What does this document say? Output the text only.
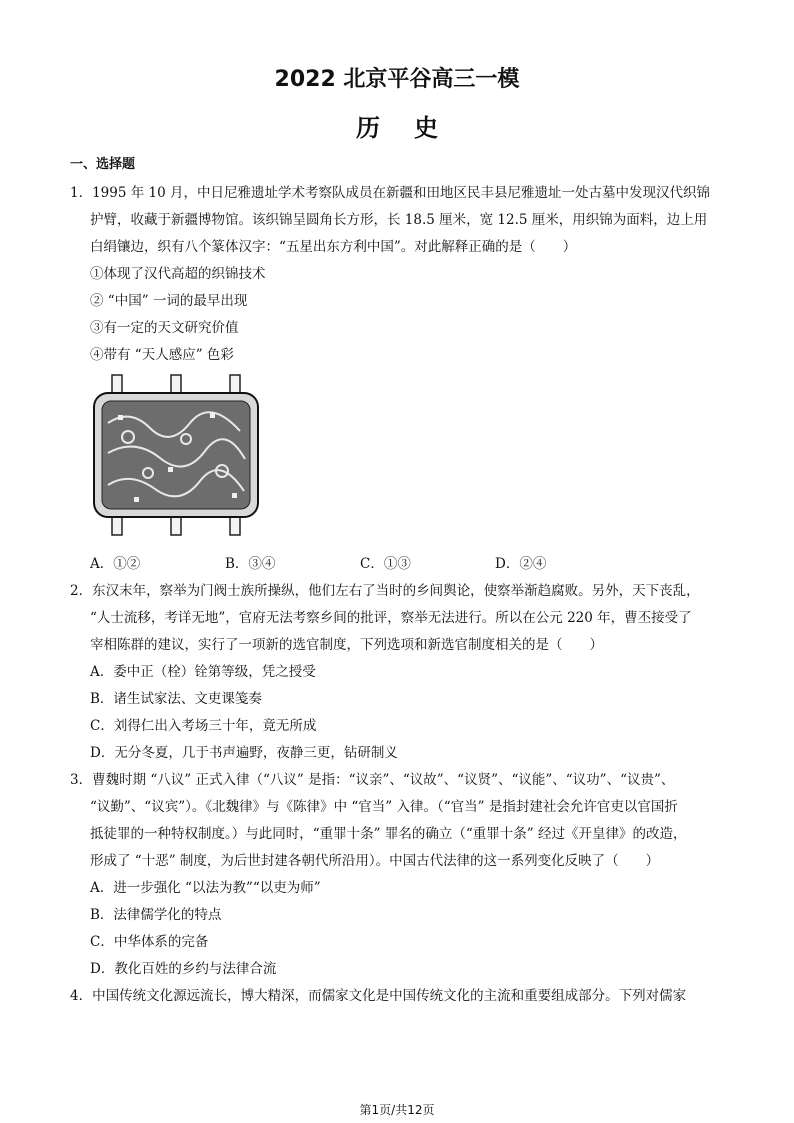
2022 北京平谷高三一模
历史
一、选择题

1．1995 年 10 月，中日尼雅遗址学术考察队成员在新疆和田地区民丰县尼雅遗址一处古墓中发现汉代织锦

护臂，收藏于新疆博物馆。该织锦呈圆角长方形，长 18.5 厘米，宽 12.5 厘米，用织锦为面料，边上用

白绢镶边，织有八个篆体汉字：“五星出东方利中国”。对此解释正确的是（　　）

①体现了汉代高超的织锦技术

② “中国” 一词的最早出现

③有一定的天文研究价值

④带有 “天人感应” 色彩

A．①②	B．③④	C．①③	D．②④

2．东汉末年，察举为门阀士族所操纵，他们左右了当时的乡间舆论，使察举渐趋腐败。另外，天下丧乱，

“人士流移，考详无地”，官府无法考察乡间的批评，察举无法进行。所以在公元 220 年，曹丕接受了

宰相陈群的建议，实行了一项新的选官制度，下列选项和新选官制度相关的是（　　）

A．委中正（栓）铨第等级，凭之授受

B．诸生试家法、文吏课笺奏

C．刘得仁出入考场三十年，竟无所成

D．无分冬夏，几于书声遍野，夜静三更，钻研制义

3．曹魏时期 “八议” 正式入律（“八议” 是指：“议亲”、“议故”、“议贤”、“议能”、“议功”、“议贵”、

“议勤”、“议宾”）。《北魏律》与《陈律》中 “官当” 入律。（“官当” 是指封建社会允许官吏以官国折

抵徒罪的一种特权制度。）与此同时，“重罪十条” 罪名的确立（“重罪十条” 经过《开皇律》的改造，

形成了 “十恶” 制度，为后世封建各朝代所沿用）。中国古代法律的这一系列变化反映了（　　）

A．进一步强化 “以法为教”“以吏为师”

B．法律儒学化的特点

C．中华体系的完备

D．教化百姓的乡约与法律合流

4．中国传统文化源远流长，博大精深，而儒家文化是中国传统文化的主流和重要组成部分。下列对儒家

第1页/共12页
